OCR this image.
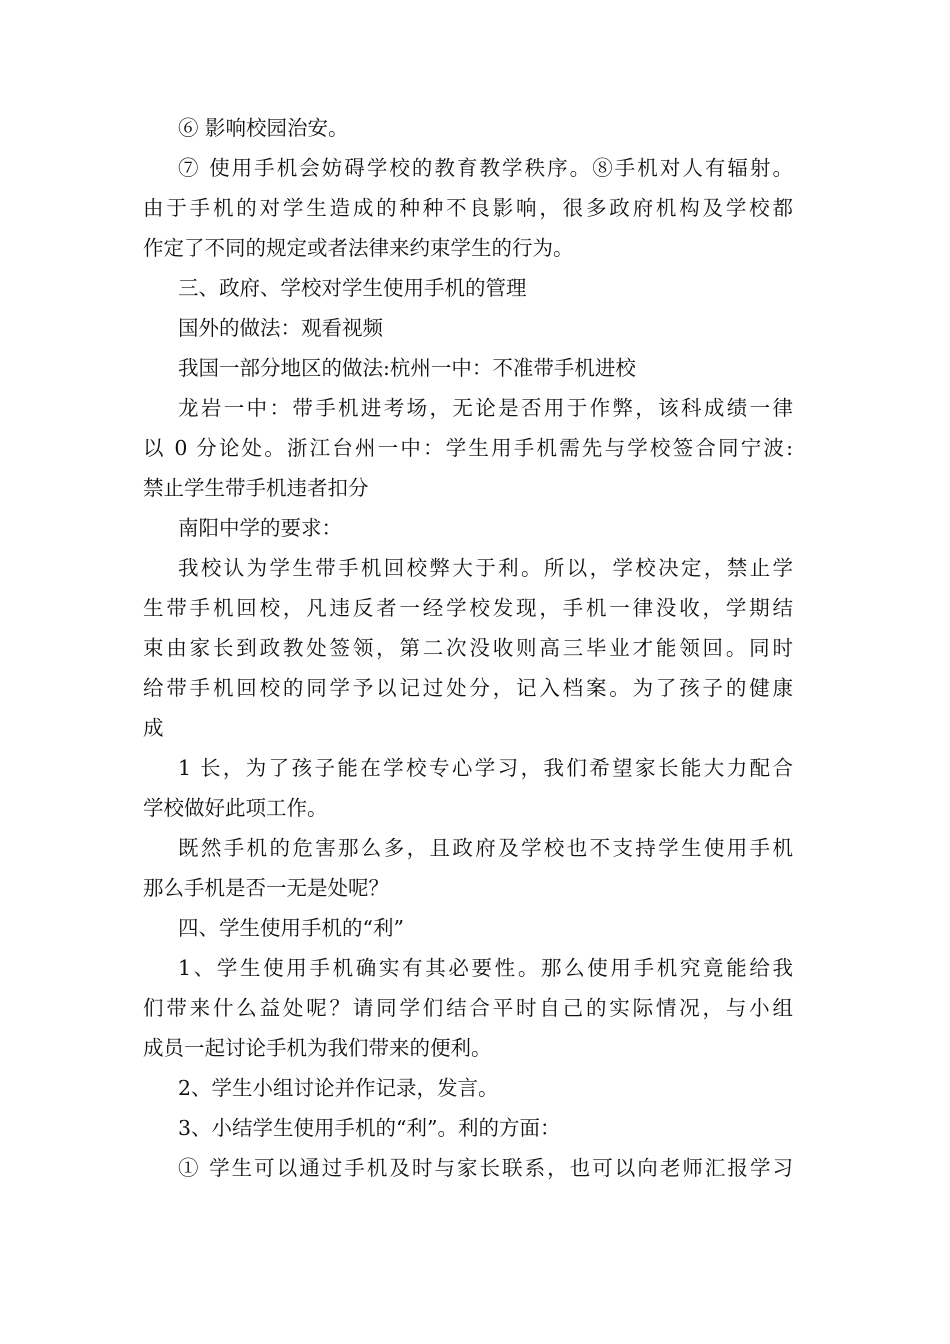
⑥ 影响校园治安。
⑦ 使用手机会妨碍学校的教育教学秩序。⑧手机对人有辐射。
由于手机的对学生造成的种种不良影响，很多政府机构及学校都
作定了不同的规定或者法律来约束学生的行为。
三、政府、学校对学生使用手机的管理
国外的做法：观看视频
我国一部分地区的做法:杭州一中：不准带手机进校
龙岩一中：带手机进考场，无论是否用于作弊，该科成绩一律
以 0 分论处。浙江台州一中：学生用手机需先与学校签合同宁波:
禁止学生带手机违者扣分
南阳中学的要求：
我校认为学生带手机回校弊大于利。所以，学校决定，禁止学
生带手机回校，凡违反者一经学校发现，手机一律没收，学期结
束由家长到政教处签领，第二次没收则高三毕业才能领回。同时
给带手机回校的同学予以记过处分，记入档案。为了孩子的健康
成
1 长，为了孩子能在学校专心学习，我们希望家长能大力配合
学校做好此项工作。
既然手机的危害那么多，且政府及学校也不支持学生使用手机
那么手机是否一无是处呢？
四、学生使用手机的“利”
1、学生使用手机确实有其必要性。那么使用手机究竟能给我
们带来什么益处呢？请同学们结合平时自己的实际情况，与小组
成员一起讨论手机为我们带来的便利。
2、学生小组讨论并作记录，发言。
3、小结学生使用手机的“利”。利的方面：
① 学生可以通过手机及时与家长联系，也可以向老师汇报学习
